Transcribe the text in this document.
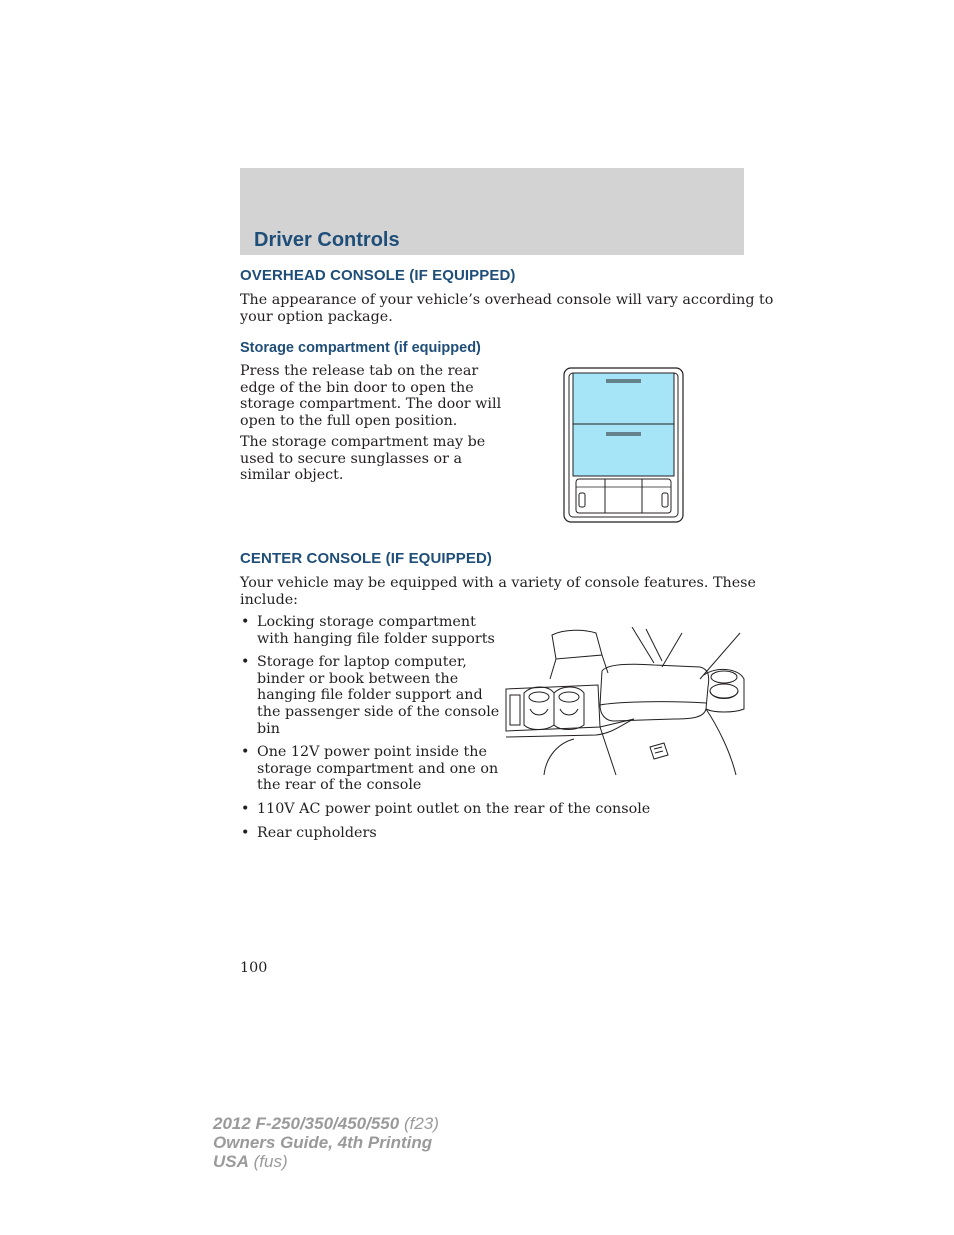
Driver Controls
OVERHEAD CONSOLE (IF EQUIPPED)
The appearance of your vehicle’s overhead console will vary according to
your option package.
Storage compartment (if equipped)
Press the release tab on the rear
edge of the bin door to open the
storage compartment. The door will
open to the full open position.
The storage compartment may be
used to secure sunglasses or a
similar object.
CENTER CONSOLE (IF EQUIPPED)
Your vehicle may be equipped with a variety of console features. These
include:
• Locking storage compartment
with hanging file folder supports
• Storage for laptop computer,
binder or book between the
hanging file folder support and
the passenger side of the console
bin
• One 12V power point inside the
storage compartment and one on
the rear of the console
• 110V AC power point outlet on the rear of the console
• Rear cupholders
100
2012 F-250/350/450/550 (f23)
Owners Guide, 4th Printing
USA (fus)
